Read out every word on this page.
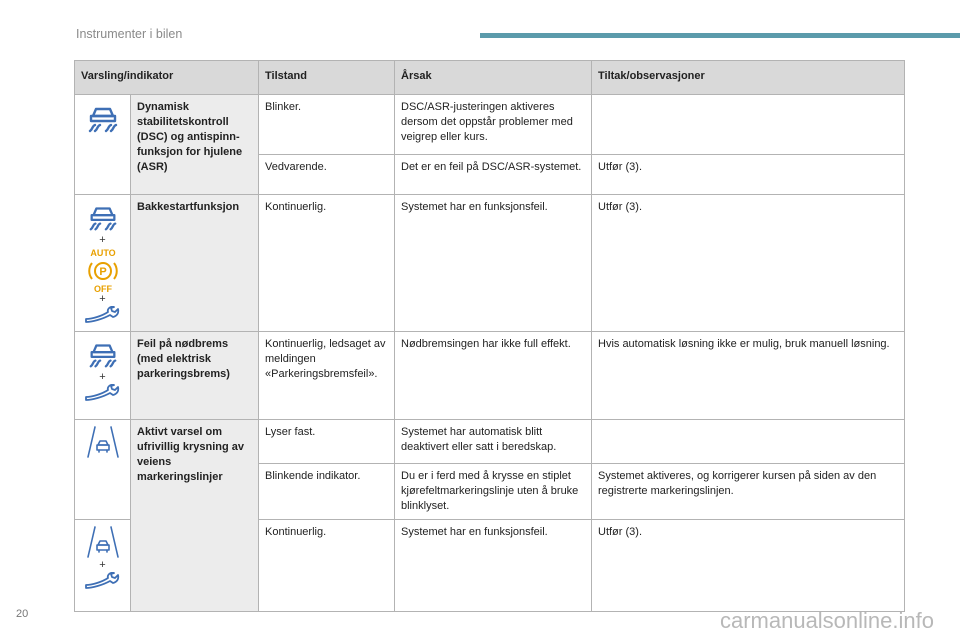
Instrumenter i bilen
Varsling/indikator		Tilstand	Årsak	Tiltak/observasjoner

	Dynamisk stabilitetskontroll (DSC) og antispinn-funksjon for hjulene (ASR)	Blinker.	DSC/ASR-justeringen aktiveres dersom det oppstår problemer med veigrep eller kurs.	
		Vedvarende.	Det er en feil på DSC/ASR-systemet.	Utfør (3).

+
AUTO
P
OFF
+	Bakkestartfunksjon	Kontinuerlig.	Systemet har en funksjonsfeil.	Utfør (3).

+	Feil på nødbrems (med elektrisk parkeringsbrems)	Kontinuerlig, ledsaget av meldingen «Parkeringsbremsfeil».	Nødbremsingen har ikke full effekt.	Hvis automatisk løsning ikke er mulig, bruk manuell løsning.

	Aktivt varsel om ufrivillig krysning av veiens markeringslinjer	Lyser fast.	Systemet har automatisk blitt deaktivert eller satt i beredskap.	
		Blinkende indikator.	Du er i ferd med å krysse en stiplet kjørefeltmarkeringslinje uten å bruke blinklyset.	Systemet aktiveres, og korrigerer kursen på siden av den registrerte markeringslinjen.

+		Kontinuerlig.	Systemet har en funksjonsfeil.	Utfør (3).
20	carmanualsonline.info
